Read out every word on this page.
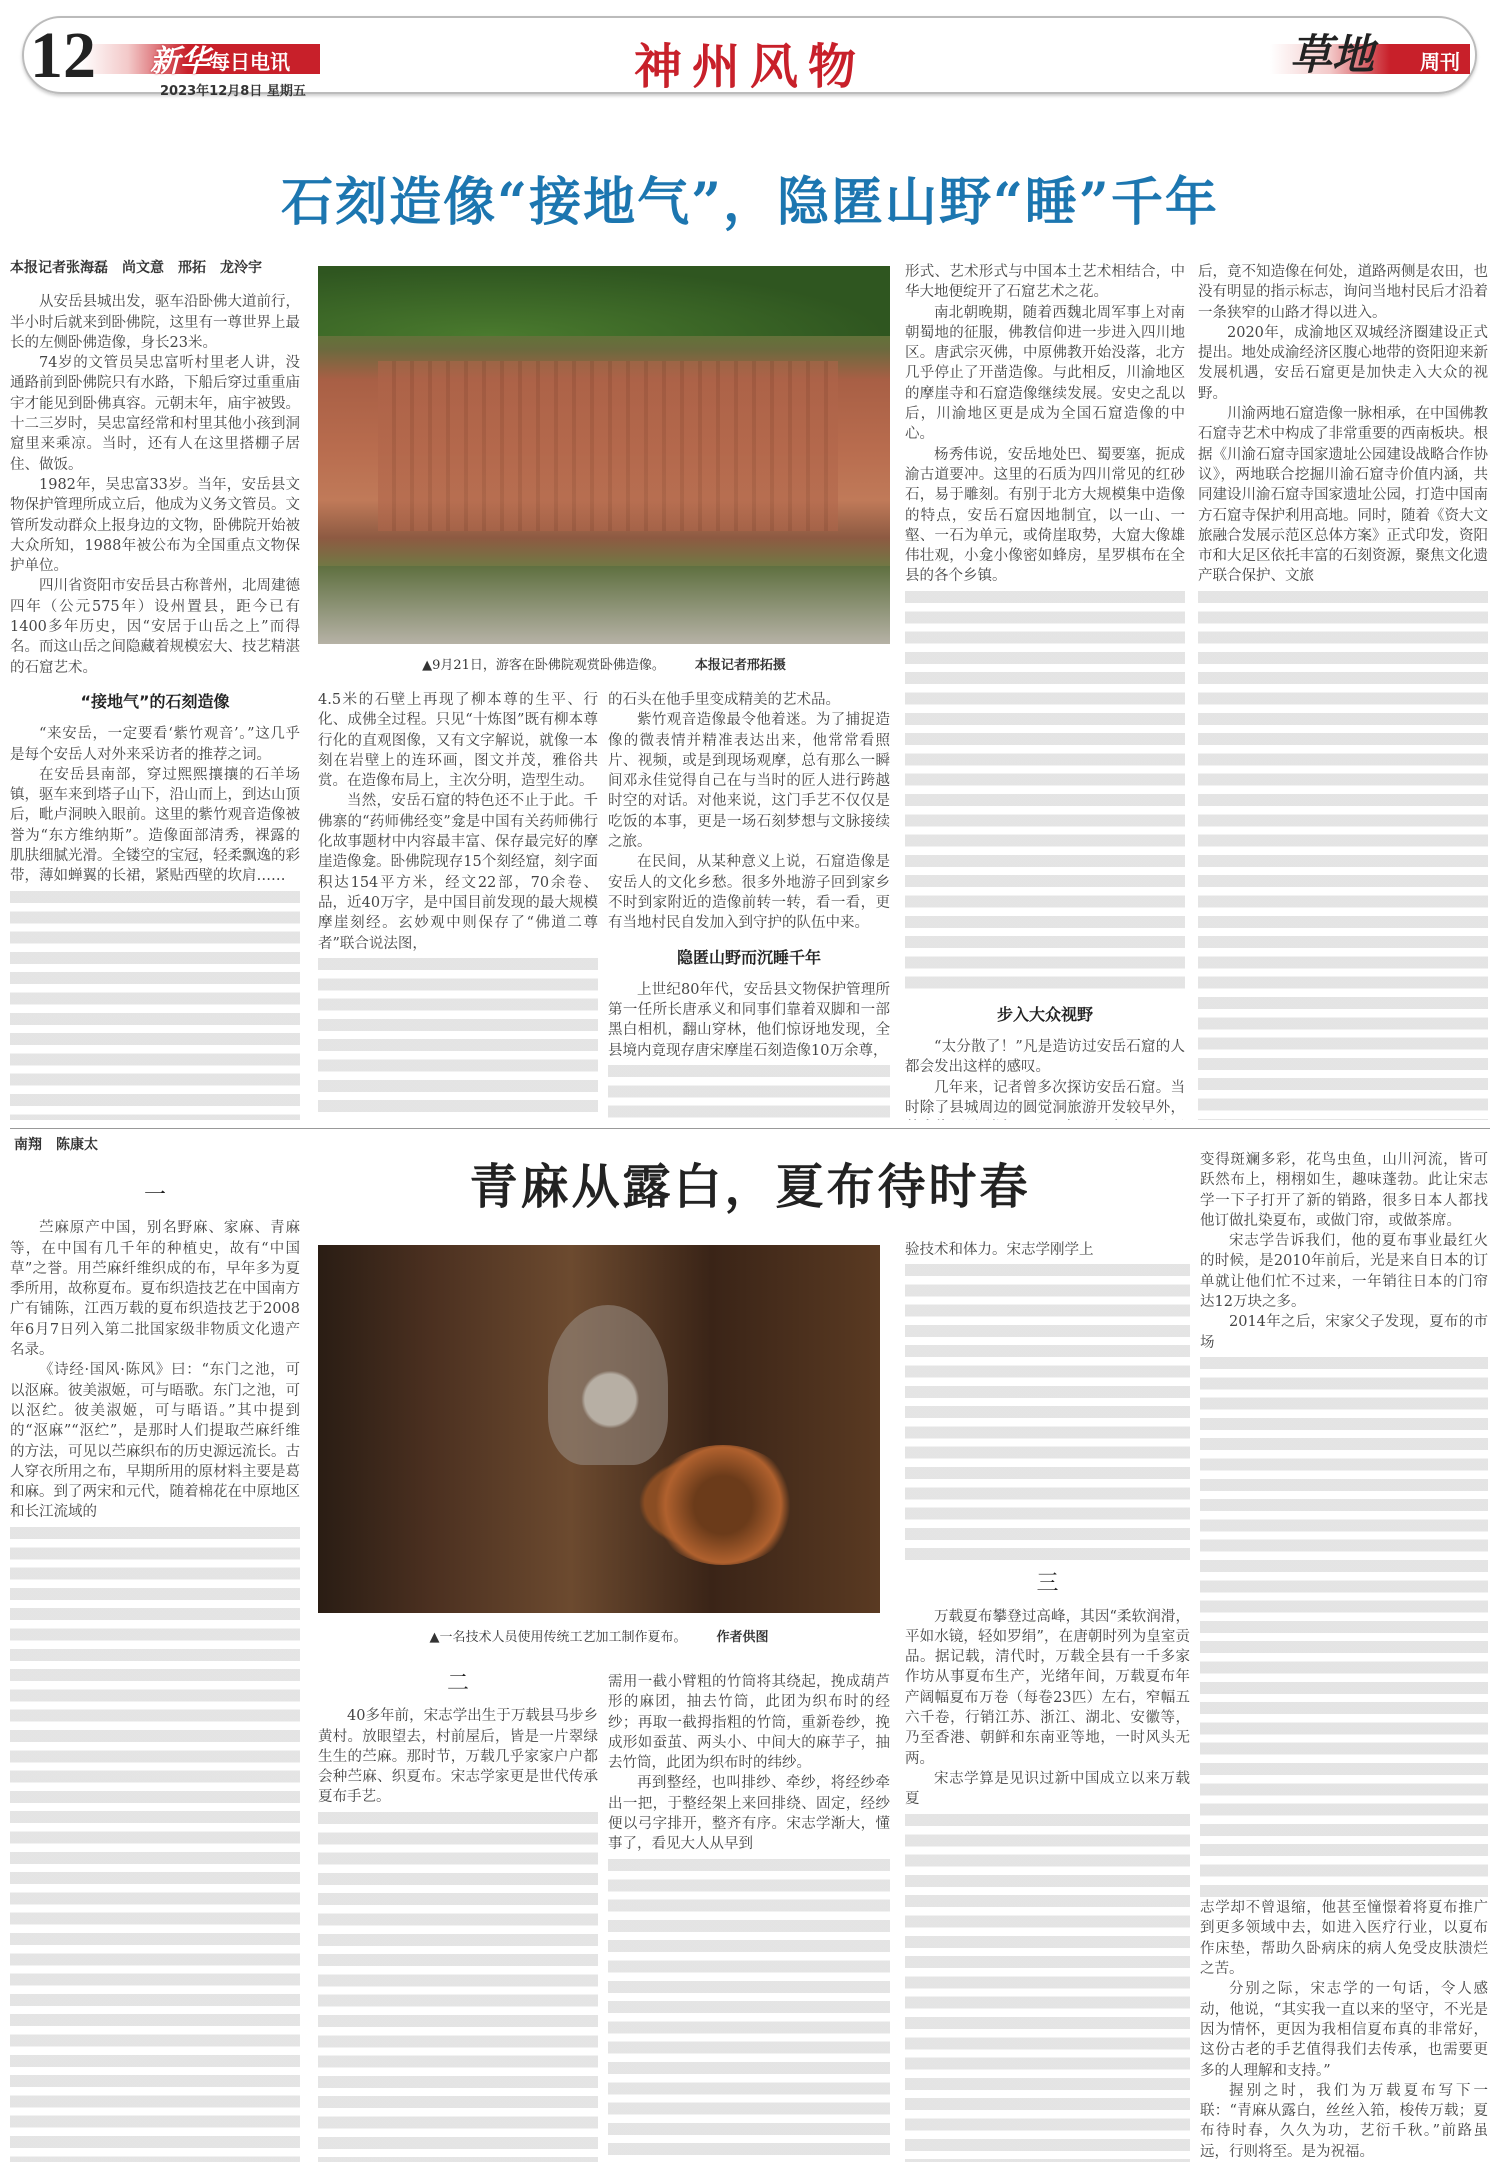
12 新华 每日电讯
2023年12月8日 星期五	神州风物	草地 周刊
石刻造像“接地气”，隐匿山野“睡”千年
本报记者张海磊　尚文意　邢拓　龙泠宇

从安岳县城出发，驱车沿卧佛大道前行，半小时后就来到卧佛院，这里有一尊世界上最长的左侧卧佛造像，身长23米。

74岁的文管员吴忠富听村里老人讲，没通路前到卧佛院只有水路，下船后穿过重重庙宇才能见到卧佛真容。元朝末年，庙宇被毁。十二三岁时，吴忠富经常和村里其他小孩到洞窟里来乘凉。当时，还有人在这里搭棚子居住、做饭。

1982年，吴忠富33岁。当年，安岳县文物保护管理所成立后，他成为义务文管员。文管所发动群众上报身边的文物，卧佛院开始被大众所知，1988年被公布为全国重点文物保护单位。

四川省资阳市安岳县古称普州，北周建德四年（公元575年）设州置县，距今已有1400多年历史，因“安居于山岳之上”而得名。而这山岳之间隐藏着规模宏大、技艺精湛的石窟艺术。

“接地气”的石刻造像

“来安岳，一定要看‘紫竹观音’。”这几乎是每个安岳人对外来采访者的推荐之词。

在安岳县南部，穿过熙熙攘攘的石羊场镇，驱车来到塔子山下，沿山而上，到达山顶后，毗卢洞映入眼前。这里的紫竹观音造像被誉为“东方维纳斯”。造像面部清秀，裸露的肌肤细腻光滑。全镂空的宝冠，轻柔飘逸的彩带，薄如蝉翼的长裙，紧贴西壁的坎肩……

▲9月21日，游客在卧佛院观赏卧佛造像。 本报记者邢拓摄

4.5米的石壁上再现了柳本尊的生平、行化、成佛全过程。只见“十炼图”既有柳本尊行化的直观图像，又有文字解说，就像一本刻在岩壁上的连环画，图文并茂，雅俗共赏。在造像布局上，主次分明，造型生动。

当然，安岳石窟的特色还不止于此。千佛寨的“药师佛经变”龛是中国有关药师佛行化故事题材中内容最丰富、保存最完好的摩崖造像龛。卧佛院现存15个刻经窟，刻字面积达154平方米，经文22部，70余卷、品，近40万字，是中国目前发现的最大规模摩崖刻经。玄妙观中则保存了“佛道二尊者”联合说法图，

的石头在他手里变成精美的艺术品。

紫竹观音造像最令他着迷。为了捕捉造像的微表情并精准表达出来，他常常看照片、视频，或是到现场观摩，总有那么一瞬间邓永佳觉得自己在与当时的匠人进行跨越时空的对话。对他来说，这门手艺不仅仅是吃饭的本事，更是一场石刻梦想与文脉接续之旅。

在民间，从某种意义上说，石窟造像是安岳人的文化乡愁。很多外地游子回到家乡不时到家附近的造像前转一转，看一看，更有当地村民自发加入到守护的队伍中来。

隐匿山野而沉睡千年

上世纪80年代，安岳县文物保护管理所第一任所长唐承义和同事们靠着双脚和一部黑白相机，翻山穿林，他们惊讶地发现，全县境内竟现存唐宋摩崖石刻造像10万余尊，

形式、艺术形式与中国本土艺术相结合，中华大地便绽开了石窟艺术之花。

南北朝晚期，随着西魏北周军事上对南朝蜀地的征服，佛教信仰进一步进入四川地区。唐武宗灭佛，中原佛教开始没落，北方几乎停止了开凿造像。与此相反，川渝地区的摩崖寺和石窟造像继续发展。安史之乱以后，川渝地区更是成为全国石窟造像的中心。

杨秀伟说，安岳地处巴、蜀要塞，扼成渝古道要冲。这里的石质为四川常见的红砂石，易于雕刻。有别于北方大规模集中造像的特点，安岳石窟因地制宜，以一山、一壑、一石为单元，或倚崖取势，大窟大像雄伟壮观，小龛小像密如蜂房，星罗棋布在全县的各个乡镇。

步入大众视野

“太分散了！”凡是造访过安岳石窟的人都会发出这样的感叹。

几年来，记者曾多次探访安岳石窟。当时除了县城周边的圆觉洞旅游开发较早外，

后，竟不知造像在何处，道路两侧是农田，也没有明显的指示标志，询问当地村民后才沿着一条狭窄的山路才得以进入。

2020年，成渝地区双城经济圈建设正式提出。地处成渝经济区腹心地带的资阳迎来新发展机遇，安岳石窟更是加快走入大众的视野。

川渝两地石窟造像一脉相承，在中国佛教石窟寺艺术中构成了非常重要的西南板块。根据《川渝石窟寺国家遗址公园建设战略合作协议》，两地联合挖掘川渝石窟寺价值内涵，共同建设川渝石窟寺国家遗址公园，打造中国南方石窟寺保护利用高地。同时，随着《资大文旅融合发展示范区总体方案》正式印发，资阳市和大足区依托丰富的石刻资源，聚焦文化遗产联合保护、文旅

南翔　陈康太
青麻从露白，夏布待时春
一

苎麻原产中国，别名野麻、家麻、青麻等，在中国有几千年的种植史，故有“中国草”之誉。用苎麻纤维织成的布，早年多为夏季所用，故称夏布。夏布织造技艺在中国南方广有铺陈，江西万载的夏布织造技艺于2008年6月7日列入第二批国家级非物质文化遗产名录。

《诗经·国风·陈风》曰：“东门之池，可以沤麻。彼美淑姬，可与晤歌。东门之池，可以沤纻。彼美淑姬，可与晤语。”其中提到的“沤麻”“沤纻”，是那时人们提取苎麻纤维的方法，可见以苎麻织布的历史源远流长。古人穿衣所用之布，早期所用的原材料主要是葛和麻。到了两宋和元代，随着棉花在中原地区和长江流域的

▲一名技术人员使用传统工艺加工制作夏布。 作者供图
二

40多年前，宋志学出生于万载县马步乡黄村。放眼望去，村前屋后，皆是一片翠绿生生的苎麻。那时节，万载几乎家家户户都会种苎麻、织夏布。宋志学家更是世代传承夏布手艺。

需用一截小臂粗的竹筒将其绕起，挽成葫芦形的麻团，抽去竹筒，此团为织布时的经纱；再取一截拇指粗的竹筒，重新卷纱，挽成形如蚕茧、两头小、中间大的麻芋子，抽去竹筒，此团为织布时的纬纱。

再到整经，也叫排纱、牵纱，将经纱牵出一把，于整经架上来回排绕、固定，经纱便以弓字排开，整齐有序。宋志学渐大，懂事了，看见大人从早到

验技术和体力。宋志学刚学上

三

万载夏布攀登过高峰，其因“柔软润滑，平如水镜，轻如罗绢”，在唐朝时列为皇室贡品。据记载，清代时，万载全县有一千多家作坊从事夏布生产，光绪年间，万载夏布年产阔幅夏布万卷（每卷23匹）左右，窄幅五六千卷，行销江苏、浙江、湖北、安徽等，乃至香港、朝鲜和东南亚等地，一时风头无两。

宋志学算是见识过新中国成立以来万载夏

变得斑斓多彩，花鸟虫鱼，山川河流，皆可跃然布上，栩栩如生，趣味蓬勃。此让宋志学一下子打开了新的销路，很多日本人都找他订做扎染夏布，或做门帘，或做茶席。

宋志学告诉我们，他的夏布事业最红火的时候，是2010年前后，光是来自日本的订单就让他们忙不过来，一年销往日本的门帘达12万块之多。

2014年之后，宋家父子发现，夏布的市场

志学却不曾退缩，他甚至憧憬着将夏布推广到更多领域中去，如进入医疗行业，以夏布作床垫，帮助久卧病床的病人免受皮肤溃烂之苦。

分别之际，宋志学的一句话，令人感动，他说，“其实我一直以来的坚守，不光是因为情怀，更因为我相信夏布真的非常好，这份古老的手艺值得我们去传承，也需要更多的人理解和支持。”

握别之时，我们为万载夏布写下一联：“青麻从露白，丝丝入筘，梭传万载；夏布待时春，久久为功，艺衍千秋。”前路虽远，行则将至。是为祝福。
